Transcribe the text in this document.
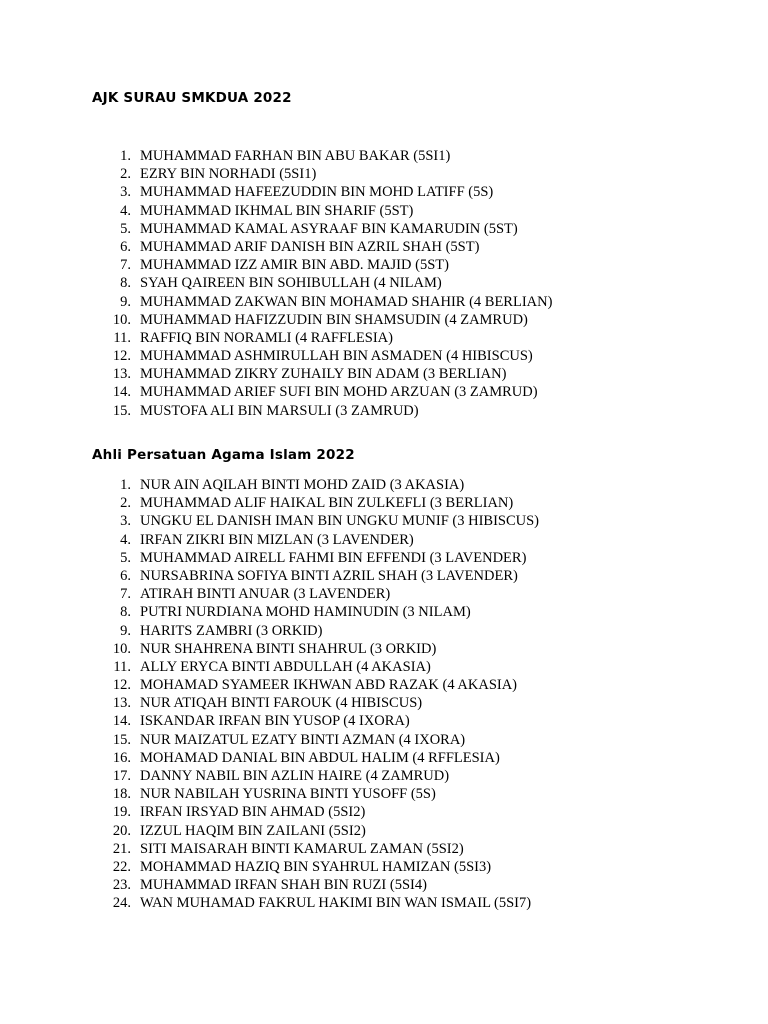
AJK SURAU SMKDUA 2022
1. MUHAMMAD FARHAN BIN ABU BAKAR (5SI1)
2. EZRY BIN NORHADI (5SI1)
3. MUHAMMAD HAFEEZUDDIN BIN MOHD LATIFF (5S)
4. MUHAMMAD IKHMAL BIN SHARIF (5ST)
5. MUHAMMAD KAMAL ASYRAAF BIN KAMARUDIN (5ST)
6. MUHAMMAD ARIF DANISH BIN AZRIL SHAH (5ST)
7. MUHAMMAD IZZ AMIR BIN ABD. MAJID (5ST)
8. SYAH QAIREEN BIN SOHIBULLAH (4 NILAM)
9. MUHAMMAD ZAKWAN BIN MOHAMAD SHAHIR (4 BERLIAN)
10. MUHAMMAD HAFIZZUDIN BIN SHAMSUDIN (4 ZAMRUD)
11. RAFFIQ BIN NORAMLI (4 RAFFLESIA)
12. MUHAMMAD ASHMIRULLAH BIN ASMADEN (4 HIBISCUS)
13. MUHAMMAD ZIKRY ZUHAILY BIN ADAM (3 BERLIAN)
14. MUHAMMAD ARIEF SUFI BIN MOHD ARZUAN (3 ZAMRUD)
15. MUSTOFA ALI BIN MARSULI (3 ZAMRUD)
Ahli Persatuan Agama Islam 2022
1. NUR AIN AQILAH BINTI MOHD ZAID (3 AKASIA)
2. MUHAMMAD ALIF HAIKAL BIN ZULKEFLI (3 BERLIAN)
3. UNGKU EL DANISH IMAN BIN UNGKU MUNIF (3 HIBISCUS)
4. IRFAN ZIKRI BIN MIZLAN (3 LAVENDER)
5. MUHAMMAD AIRELL FAHMI BIN EFFENDI (3 LAVENDER)
6. NURSABRINA SOFIYA BINTI AZRIL SHAH (3 LAVENDER)
7. ATIRAH BINTI ANUAR (3 LAVENDER)
8. PUTRI NURDIANA MOHD HAMINUDIN (3 NILAM)
9. HARITS ZAMBRI (3 ORKID)
10. NUR SHAHRENA BINTI SHAHRUL (3 ORKID)
11. ALLY ERYCA BINTI ABDULLAH (4 AKASIA)
12. MOHAMAD SYAMEER IKHWAN ABD RAZAK (4 AKASIA)
13. NUR ATIQAH BINTI FAROUK (4 HIBISCUS)
14. ISKANDAR IRFAN BIN YUSOP (4 IXORA)
15. NUR MAIZATUL EZATY BINTI AZMAN (4 IXORA)
16. MOHAMAD DANIAL BIN ABDUL HALIM (4 RFFLESIA)
17. DANNY NABIL BIN AZLIN HAIRE (4 ZAMRUD)
18. NUR NABILAH YUSRINA BINTI YUSOFF (5S)
19. IRFAN IRSYAD BIN AHMAD (5SI2)
20. IZZUL HAQIM BIN ZAILANI (5SI2)
21. SITI MAISARAH BINTI KAMARUL ZAMAN (5SI2)
22. MOHAMMAD HAZIQ BIN SYAHRUL HAMIZAN (5SI3)
23. MUHAMMAD IRFAN SHAH BIN RUZI (5SI4)
24. WAN MUHAMAD FAKRUL HAKIMI BIN WAN ISMAIL (5SI7)
